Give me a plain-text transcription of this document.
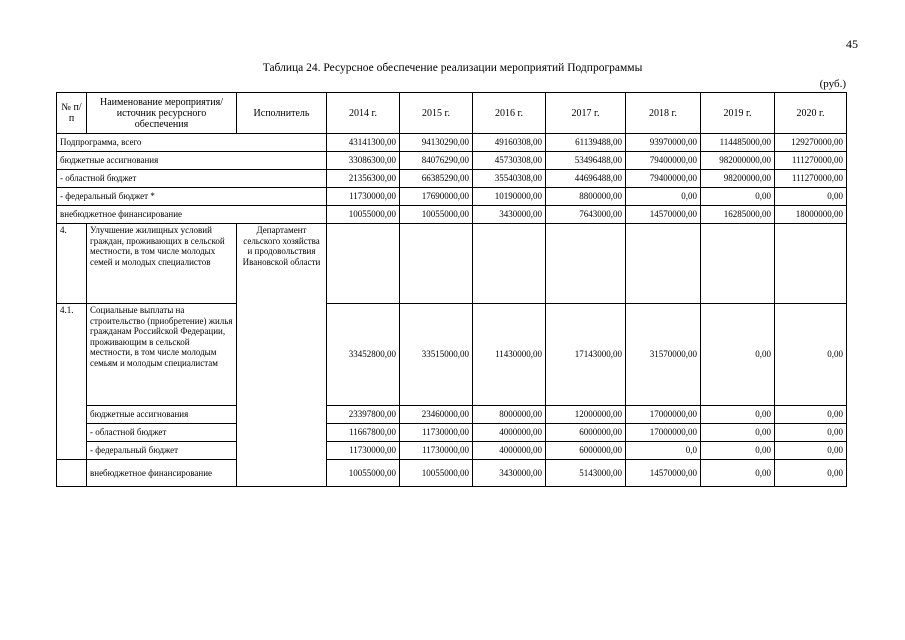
45
Таблица 24. Ресурсное обеспечение реализации мероприятий Подпрограммы
(руб.)
№ п/п	Наименование мероприятия/источник ресурсного обеспечения	Исполнитель	2014 г.	2015 г.	2016 г.	2017 г.	2018 г.	2019 г.	2020 г.
Подпрограмма, всего			43141300,00	94130290,00	49160308,00	61139488,00	93970000,00	114485000,00	129270000,00
бюджетные ассигнования			33086300,00	84076290,00	45730308,00	53496488,00	79400000,00	982000000,00	111270000,00
- областной бюджет			21356300,00	66385290,00	35540308,00	44696488,00	79400000,00	98200000,00	111270000,00
- федеральный бюджет *			11730000,00	17690000,00	10190000,00	8800000,00	0,00	0,00	0,00
внебюджетное финансирование			10055000,00	10055000,00	3430000,00	7643000,00	14570000,00	16285000,00	18000000,00
4.	Улучшение жилищных условий граждан, проживающих в сельской местности, в том числе молодых семей и молодых специалистов	Департамент сельского хозяйства и продовольствия Ивановской области							
4.1.	Социальные выплаты на строительство (приобретение) жилья гражданам Российской Федерации, проживающим в сельской местности, в том числе молодым семьям и молодым специалистам		33452800,00	33515000,00	11430000,00	17143000,00	31570000,00	0,00	0,00
	бюджетные ассигнования		23397800,00	23460000,00	8000000,00	12000000,00	17000000,00	0,00	0,00
	- областной бюджет		11667800,00	11730000,00	4000000,00	6000000,00	17000000,00	0,00	0,00
	- федеральный бюджет		11730000,00	11730000,00	4000000,00	6000000,00	0,0	0,00	0,00
	внебюджетное финансирование		10055000,00	10055000,00	3430000,00	5143000,00	14570000,00	0,00	0,00
